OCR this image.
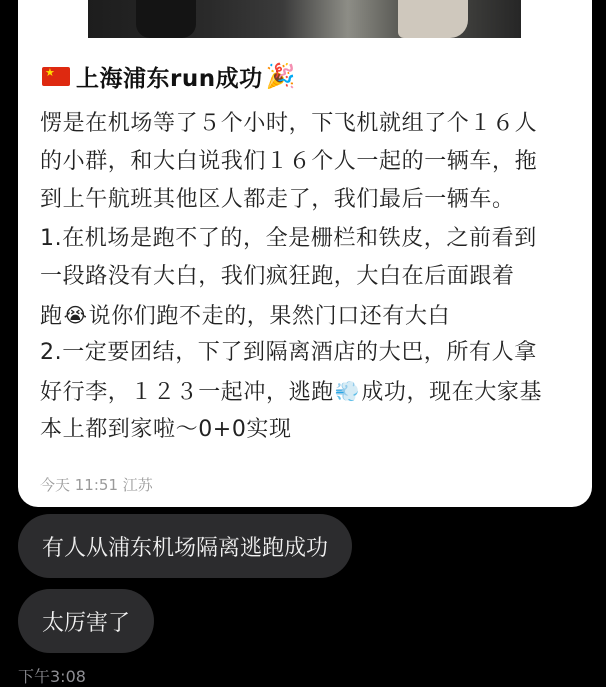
★
上海浦东run成功 🎉
愣是在机场等了５个小时，下飞机就组了个１６人
的小群，和大白说我们１６个人一起的一辆车，拖
到上午航班其他区人都走了，我们最后一辆车。
1.在机场是跑不了的，全是栅栏和铁皮，之前看到
一段路没有大白，我们疯狂跑，大白在后面跟着
跑😭说你们跑不走的，果然门口还有大白
2.一定要团结，下了到隔离酒店的大巴，所有人拿
好行李，１２３一起冲，逃跑💨成功，现在大家基
本上都到家啦～0+0实现
今天 11:51 江苏
有人从浦东机场隔离逃跑成功
太厉害了
下午3:08
